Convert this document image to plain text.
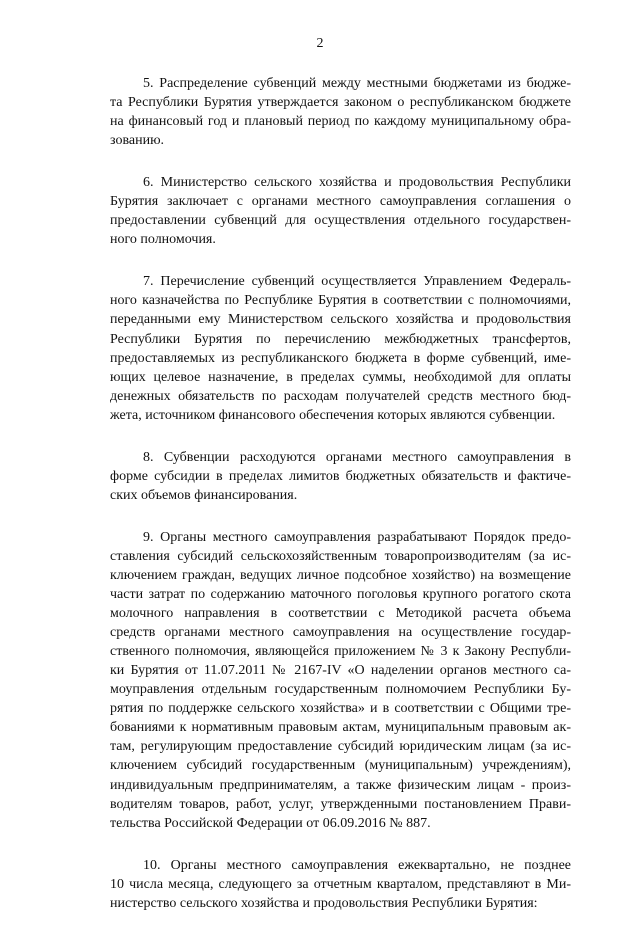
2
5. Распределение субвенций между местными бюджетами из бюдже-
та Республики Бурятия утверждается законом о республиканском бюджете
на финансовый год и плановый период по каждому муниципальному обра-
зованию.
6. Министерство сельского хозяйства и продовольствия Республики
Бурятия заключает с органами местного самоуправления соглашения о
предоставлении субвенций для осуществления отдельного государствен-
ного полномочия.
7. Перечисление субвенций осуществляется Управлением Федераль-
ного казначейства по Республике Бурятия в соответствии с полномочиями,
переданными ему Министерством сельского хозяйства и продовольствия
Республики Бурятия по перечислению межбюджетных трансфертов,
предоставляемых из республиканского бюджета в форме субвенций, име-
ющих целевое назначение, в пределах суммы, необходимой для оплаты
денежных обязательств по расходам получателей средств местного бюд-
жета, источником финансового обеспечения которых являются субвенции.
8. Субвенции расходуются органами местного самоуправления в
форме субсидии в пределах лимитов бюджетных обязательств и фактиче-
ских объемов финансирования.
9. Органы местного самоуправления разрабатывают Порядок предо-
ставления субсидий сельскохозяйственным товаропроизводителям (за ис-
ключением граждан, ведущих личное подсобное хозяйство) на возмещение
части затрат по содержанию маточного поголовья крупного рогатого скота
молочного направления в соответствии с Методикой расчета объема
средств органами местного самоуправления на осуществление государ-
ственного полномочия, являющейся приложением № 3 к Закону Республи-
ки Бурятия от 11.07.2011 № 2167-IV «О наделении органов местного са-
моуправления отдельным государственным полномочием Республики Бу-
рятия по поддержке сельского хозяйства» и в соответствии с Общими тре-
бованиями к нормативным правовым актам, муниципальным правовым ак-
там, регулирующим предоставление субсидий юридическим лицам (за ис-
ключением субсидий государственным (муниципальным) учреждениям),
индивидуальным предпринимателям, а также физическим лицам - произ-
водителям товаров, работ, услуг, утвержденными постановлением Прави-
тельства Российской Федерации от 06.09.2016 № 887.
10. Органы местного самоуправления ежеквартально, не позднее
10 числа месяца, следующего за отчетным кварталом, представляют в Ми-
нистерство сельского хозяйства и продовольствия Республики Бурятия:
